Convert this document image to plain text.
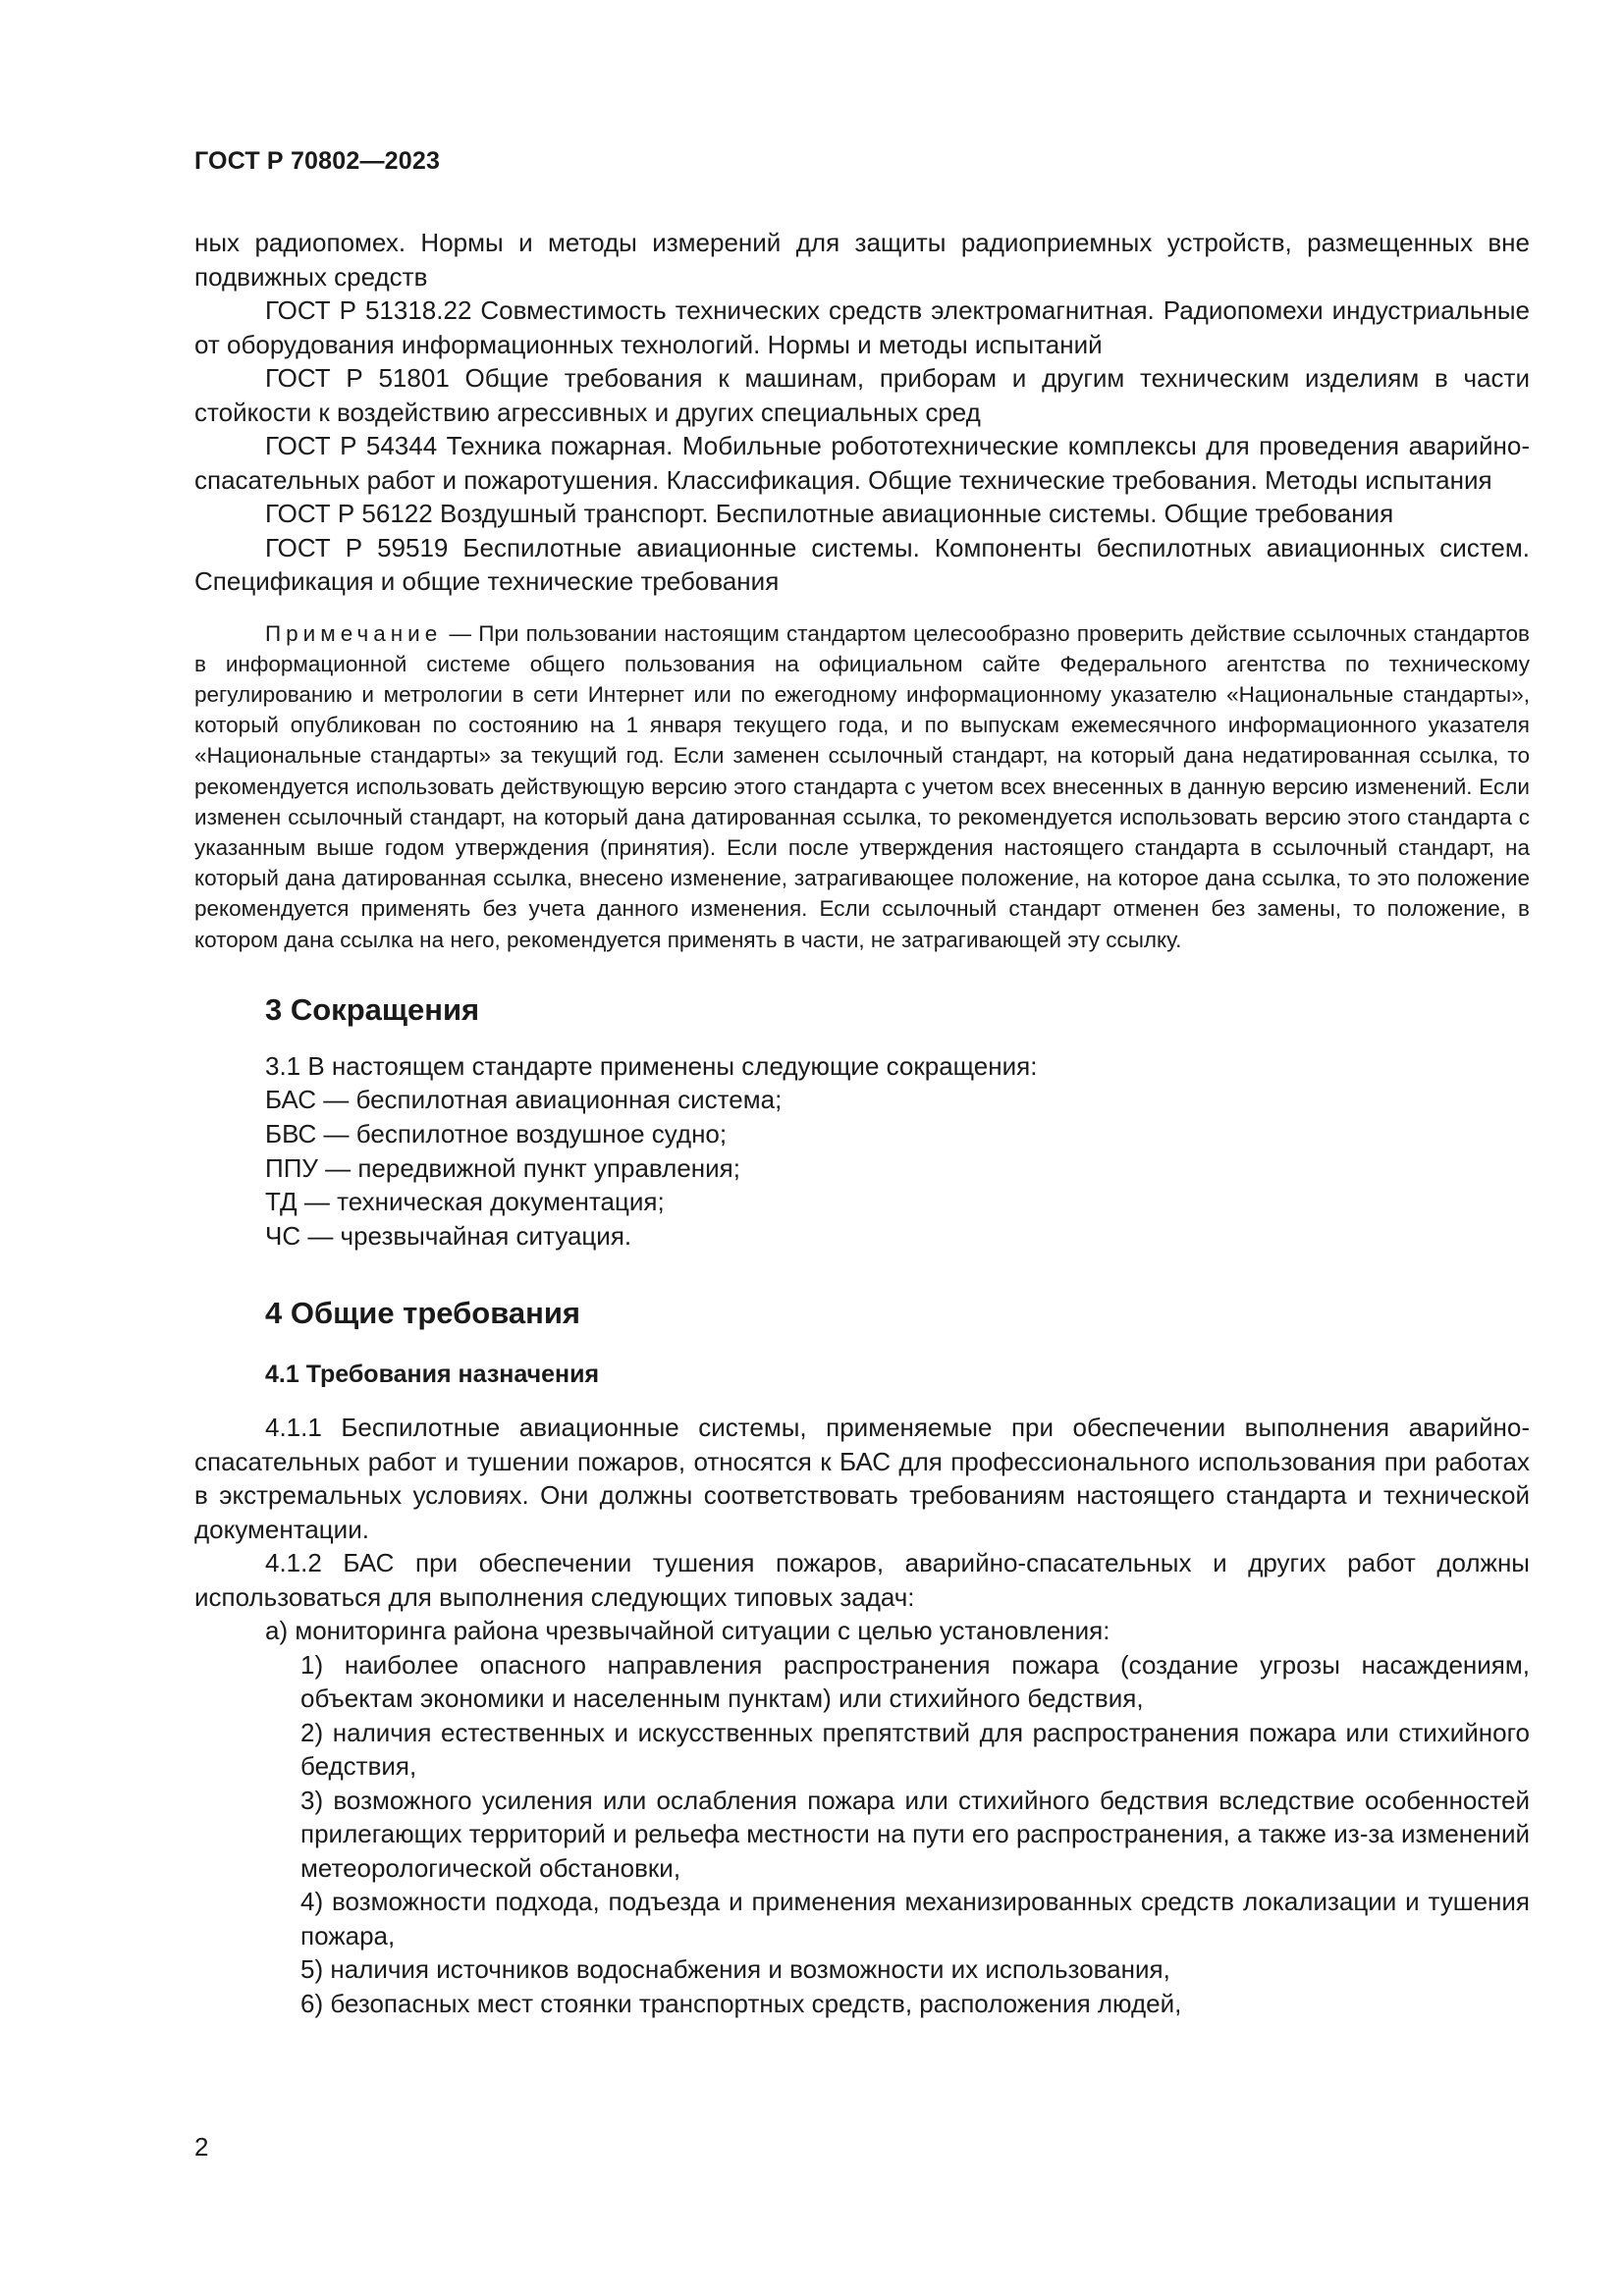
ГОСТ Р 70802—2023

ных радиопомех. Нормы и методы измерений для защиты радиоприемных устройств, размещенных вне подвижных средств

ГОСТ Р 51318.22 Совместимость технических средств электромагнитная. Радиопомехи индустриальные от оборудования информационных технологий. Нормы и методы испытаний

ГОСТ Р 51801 Общие требования к машинам, приборам и другим техническим изделиям в части стойкости к воздействию агрессивных и других специальных сред

ГОСТ Р 54344 Техника пожарная. Мобильные робототехнические комплексы для проведения аварийно-спасательных работ и пожаротушения. Классификация. Общие технические требования. Методы испытания

ГОСТ Р 56122 Воздушный транспорт. Беспилотные авиационные системы. Общие требования

ГОСТ Р 59519 Беспилотные авиационные системы. Компоненты беспилотных авиационных систем. Спецификация и общие технические требования

Примечание — При пользовании настоящим стандартом целесообразно проверить действие ссылочных стандартов в информационной системе общего пользования на официальном сайте Федерального агентства по техническому регулированию и метрологии в сети Интернет или по ежегодному информационному указателю «Национальные стандарты», который опубликован по состоянию на 1 января текущего года, и по выпускам ежемесячного информационного указателя «Национальные стандарты» за текущий год. Если заменен ссылочный стандарт, на который дана недатированная ссылка, то рекомендуется использовать действующую версию этого стандарта с учетом всех внесенных в данную версию изменений. Если изменен ссылочный стандарт, на который дана датированная ссылка, то рекомендуется использовать версию этого стандарта с указанным выше годом утверждения (принятия). Если после утверждения настоящего стандарта в ссылочный стандарт, на который дана датированная ссылка, внесено изменение, затрагивающее положение, на которое дана ссылка, то это положение рекомендуется применять без учета данного изменения. Если ссылочный стандарт отменен без замены, то положение, в котором дана ссылка на него, рекомендуется применять в части, не затрагивающей эту ссылку.

3 Сокращения

3.1 В настоящем стандарте применены следующие сокращения:

БАС — беспилотная авиационная система;

БВС — беспилотное воздушное судно;

ППУ — передвижной пункт управления;

ТД — техническая документация;

ЧС — чрезвычайная ситуация.

4 Общие требования
4.1 Требования назначения

4.1.1 Беспилотные авиационные системы, применяемые при обеспечении выполнения аварийно-спасательных работ и тушении пожаров, относятся к БАС для профессионального использования при работах в экстремальных условиях. Они должны соответствовать требованиям настоящего стандарта и технической документации.

4.1.2 БАС при обеспечении тушения пожаров, аварийно-спасательных и других работ должны использоваться для выполнения следующих типовых задач:

а) мониторинга района чрезвычайной ситуации с целью установления:

1) наиболее опасного направления распространения пожара (создание угрозы насаждениям, объектам экономики и населенным пунктам) или стихийного бедствия,

2) наличия естественных и искусственных препятствий для распространения пожара или стихийного бедствия,

3) возможного усиления или ослабления пожара или стихийного бедствия вследствие особенностей прилегающих территорий и рельефа местности на пути его распространения, а также из-за изменений метеорологической обстановки,

4) возможности подхода, подъезда и применения механизированных средств локализации и тушения пожара,

5) наличия источников водоснабжения и возможности их использования,

6) безопасных мест стоянки транспортных средств, расположения людей,

2
